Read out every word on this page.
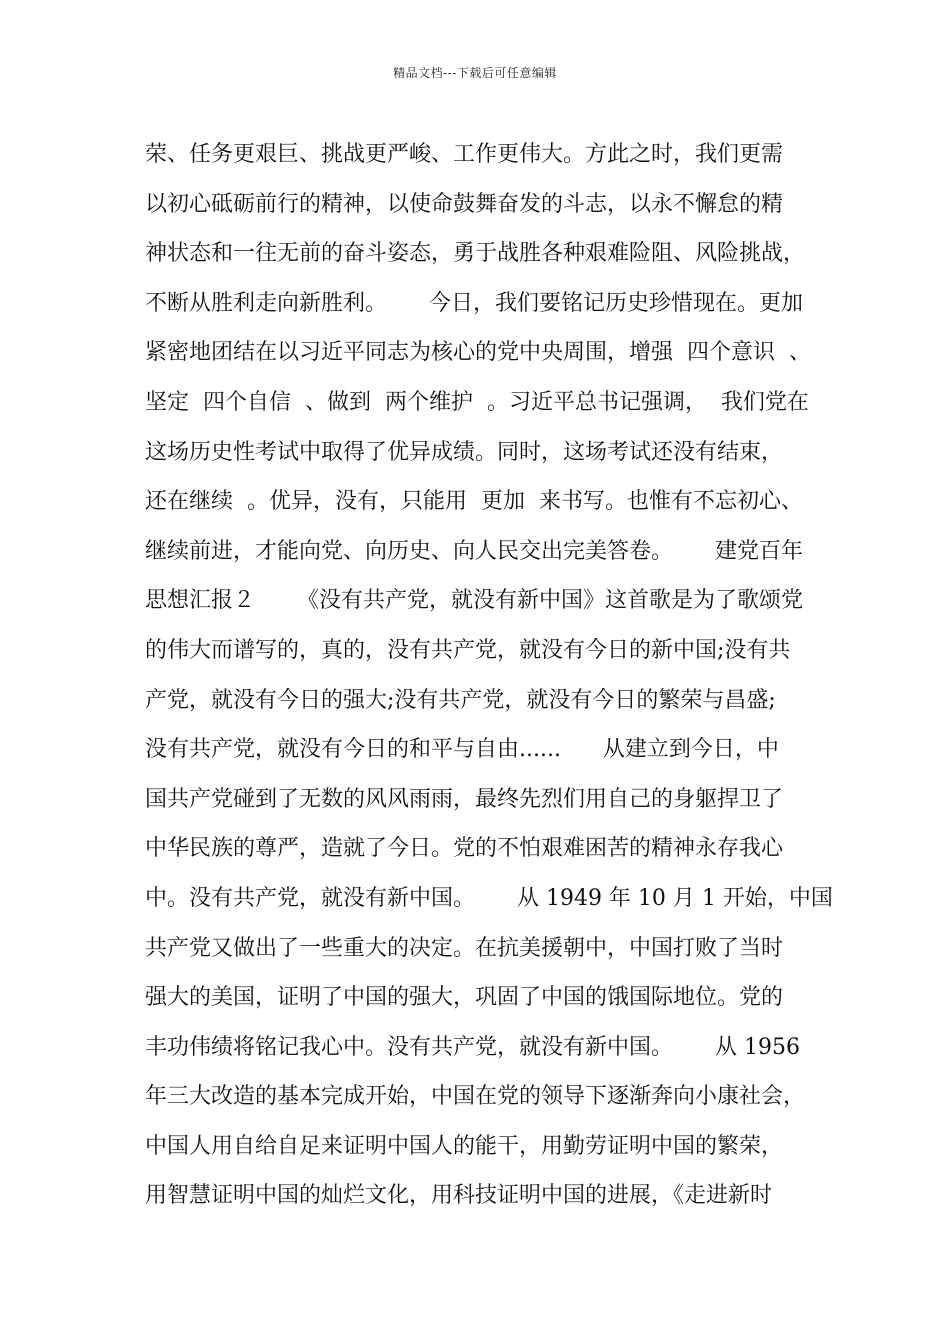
精品文档---下载后可任意编辑
荣、任务更艰巨、挑战更严峻、工作更伟大。方此之时，我们更需
以初心砥砺前行的精神，以使命鼓舞奋发的斗志，以永不懈怠的精
神状态和一往无前的奋斗姿态，勇于战胜各种艰难险阻、风险挑战，
不断从胜利走向新胜利。      今日，我们要铭记历史珍惜现在。更加
紧密地团结在以习近平同志为核心的党中央周围，增强  四个意识  、
坚定  四个自信  、做到  两个维护  。习近平总书记强调，  我们党在
这场历史性考试中取得了优异成绩。同时，这场考试还没有结束，
还在继续  。优异，没有，只能用  更加  来书写。也惟有不忘初心、
继续前进，才能向党、向历史、向人民交出完美答卷。      建党百年
思想汇报２      《没有共产党，就没有新中国》这首歌是为了歌颂党
的伟大而谱写的，真的，没有共产党，就没有今日的新中国;没有共
产党，就没有今日的强大;没有共产党，就没有今日的繁荣与昌盛;
没有共产党，就没有今日的和平与自由......      从建立到今日，中
国共产党碰到了无数的风风雨雨，最终先烈们用自己的身躯捍卫了
中华民族的尊严，造就了今日。党的不怕艰难困苦的精神永存我心
中。没有共产党，就没有新中国。      从 1949 年 10 月 1 开始，中国
共产党又做出了一些重大的决定。在抗美援朝中，中国打败了当时
强大的美国，证明了中国的强大，巩固了中国的饿国际地位。党的
丰功伟绩将铭记我心中。没有共产党，就没有新中国。      从 1956
年三大改造的基本完成开始，中国在党的领导下逐渐奔向小康社会，
中国人用自给自足来证明中国人的能干，用勤劳证明中国的繁荣，
用智慧证明中国的灿烂文化，用科技证明中国的进展，《走进新时
